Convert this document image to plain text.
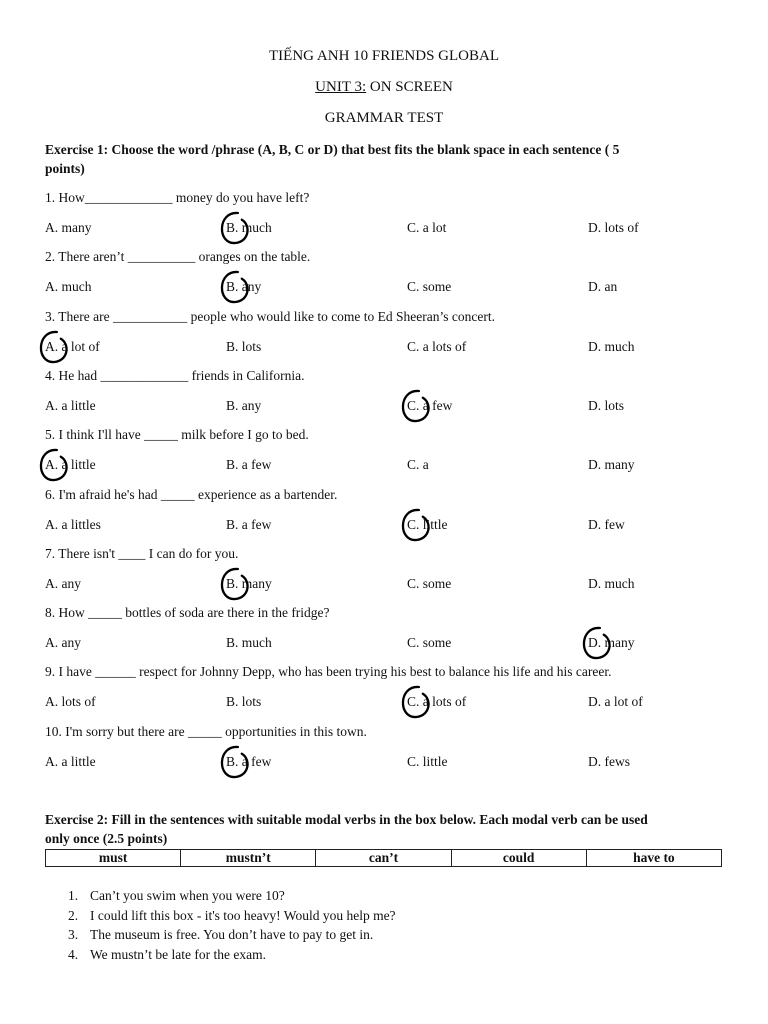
TIẾNG ANH 10 FRIENDS GLOBAL
UNIT 3: ON SCREEN
GRAMMAR TEST
Exercise 1: Choose the word /phrase (A, B, C or D) that best fits the blank space in each sentence ( 5
points)
1. How_____________ money do you have left?
A. many	B. much	C. a lot	D. lots of
2. There aren’t __________ oranges on the table.
A. much	B. any	C. some	D. an
3. There are ___________ people who would like to come to Ed Sheeran’s concert.
A. a lot of	B. lots	C. a lots of	D. much
4. He had _____________ friends in California.
A. a little	B. any	C. a few	D. lots
5. I think I'll have _____ milk before I go to bed.
A. a little	B. a few	C. a	D. many
6. I'm afraid he's had _____ experience as a bartender.
A. a littles	B. a few	C. little	D. few
7. There isn't ____ I can do for you.
A. any	B. many	C. some	D. much
8. How _____ bottles of soda are there in the fridge?
A. any	B. much	C. some	D. many
9. I have ______ respect for Johnny Depp, who has been trying his best to balance his life and his career.
A. lots of	B. lots	C. a lots of	D. a lot of
10. I'm sorry but there are _____ opportunities in this town.
A. a little	B. a few	C. little	D. fews
Exercise 2: Fill in the sentences with suitable modal verbs in the box below. Each modal verb can be used
only once (2.5 points)
must	mustn’t	can’t	could	have to
1. Can’t you swim when you were 10?
2. I could lift this box - it's too heavy! Would you help me?
3. The museum is free. You don’t have to pay to get in.
4. We mustn’t be late for the exam.
